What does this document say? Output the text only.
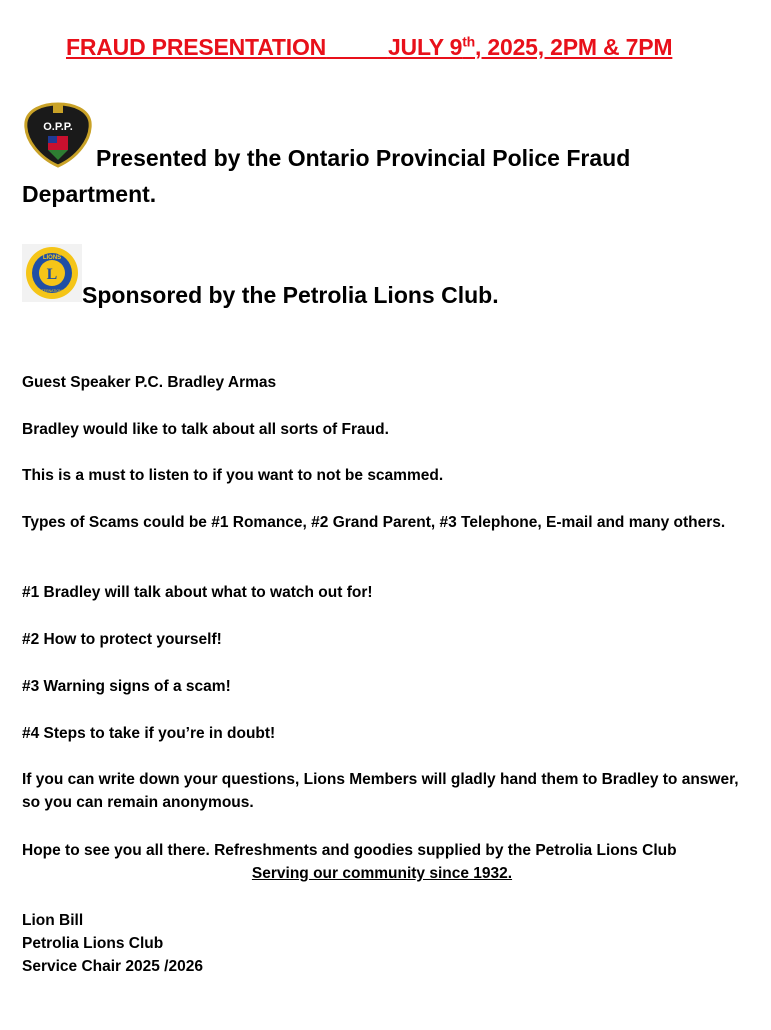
FRAUD PRESENTATION	JULY 9th, 2025, 2PM & 7PM
O.P.P.
Presented by the Ontario Provincial Police Fraud Department.
L
LIONS
INTERNATIONAL Sponsored by the Petrolia Lions Club.
Guest Speaker P.C. Bradley Armas
Bradley would like to talk about all sorts of Fraud.
This is a must to listen to if you want to not be scammed.
Types of Scams could be #1 Romance, #2 Grand Parent, #3 Telephone, E-mail and many others.
#1 Bradley will talk about what to watch out for!
#2 How to protect yourself!
#3 Warning signs of a scam!
#4 Steps to take if you’re in doubt!
If you can write down your questions, Lions Members will gladly hand them to Bradley to answer, so you can remain anonymous.
Hope to see you all there. Refreshments and goodies supplied by the Petrolia Lions Club
Serving our community since 1932.
Lion Bill
Petrolia Lions Club
Service Chair 2025 /2026
